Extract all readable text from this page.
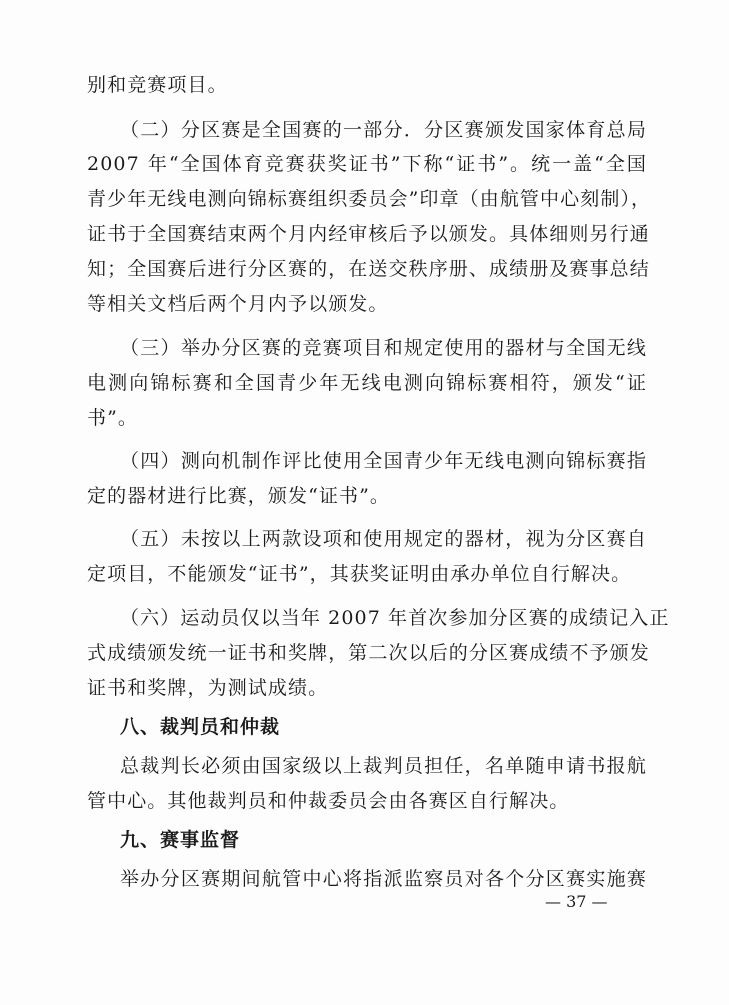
别和竞赛项目。
（二）分区赛是全国赛的一部分．分区赛颁发国家体育总局
2007 年“全国体育竞赛获奖证书”下称“证书”。统一盖“全国
青少年无线电测向锦标赛组织委员会”印章（由航管中心刻制），
证书于全国赛结束两个月内经审核后予以颁发。具体细则另行通
知；全国赛后进行分区赛的，在送交秩序册、成绩册及赛事总结
等相关文档后两个月内予以颁发。
（三）举办分区赛的竞赛项目和规定使用的器材与全国无线
电测向锦标赛和全国青少年无线电测向锦标赛相符，颁发“证
书”。
（四）测向机制作评比使用全国青少年无线电测向锦标赛指
定的器材进行比赛，颁发“证书”。
（五）未按以上两款设项和使用规定的器材，视为分区赛自
定项目，不能颁发“证书”，其获奖证明由承办单位自行解决。
（六）运动员仅以当年 2007 年首次参加分区赛的成绩记入正
式成绩颁发统一证书和奖牌，第二次以后的分区赛成绩不予颁发
证书和奖牌，为测试成绩。
八、裁判员和仲裁
总裁判长必须由国家级以上裁判员担任，名单随申请书报航
管中心。其他裁判员和仲裁委员会由各赛区自行解决。
九、赛事监督
举办分区赛期间航管中心将指派监察员对各个分区赛实施赛
— 37 —
